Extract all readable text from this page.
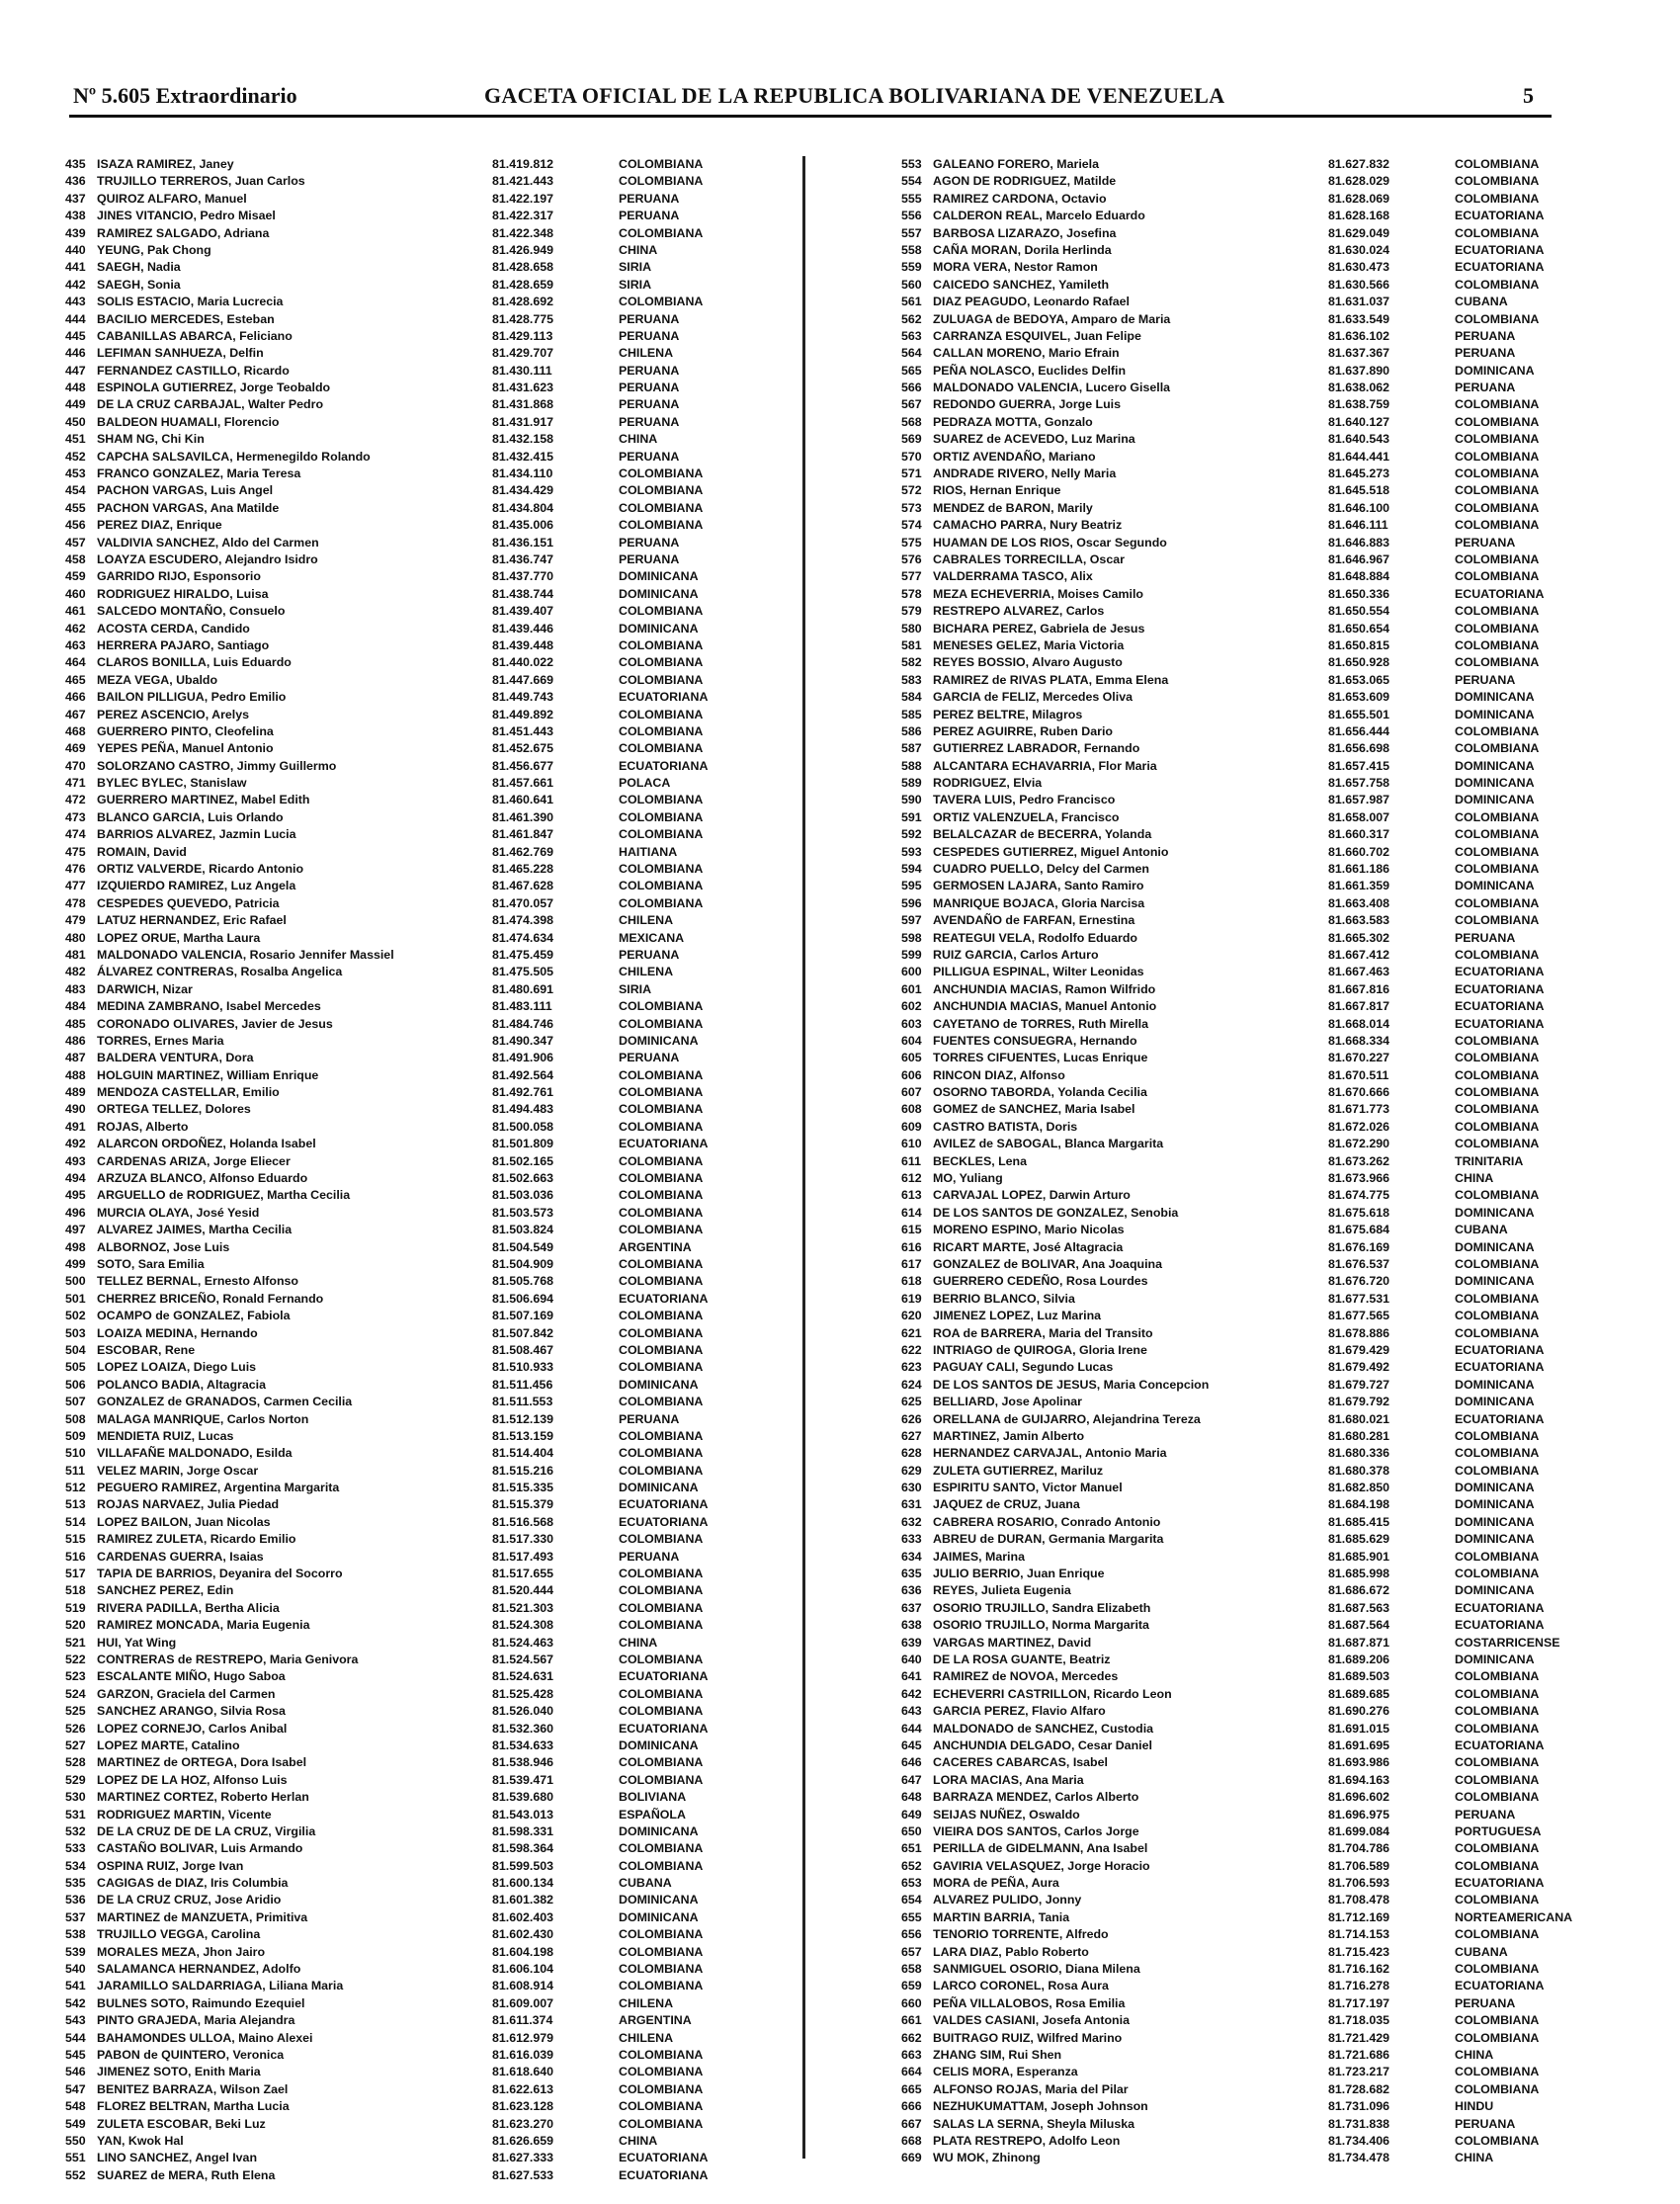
Nº 5.605 Extraordinario	GACETA OFICIAL DE LA REPUBLICA BOLIVARIANA DE VENEZUELA	5
435 ISAZA RAMIREZ, Janey	81.419.812	COLOMBIANA
436 TRUJILLO TERREROS, Juan Carlos	81.421.443	COLOMBIANA
437 QUIROZ ALFARO, Manuel	81.422.197	PERUANA
438 JINES VITANCIO, Pedro Misael	81.422.317	PERUANA
439 RAMIREZ SALGADO, Adriana	81.422.348	COLOMBIANA
440 YEUNG, Pak Chong	81.426.949	CHINA
441 SAEGH, Nadia	81.428.658	SIRIA
442 SAEGH, Sonia	81.428.659	SIRIA
443 SOLIS ESTACIO, Maria Lucrecia	81.428.692	COLOMBIANA
444 BACILIO MERCEDES, Esteban	81.428.775	PERUANA
445 CABANILLAS ABARCA, Feliciano	81.429.113	PERUANA
446 LEFIMAN SANHUEZA, Delfin	81.429.707	CHILENA
447 FERNANDEZ CASTILLO, Ricardo	81.430.111	PERUANA
448 ESPINOLA GUTIERREZ, Jorge Teobaldo	81.431.623	PERUANA
449 DE LA CRUZ CARBAJAL, Walter Pedro	81.431.868	PERUANA
450 BALDEON HUAMALI, Florencio	81.431.917	PERUANA
451 SHAM NG, Chi Kin	81.432.158	CHINA
452 CAPCHA SALSAVILCA, Hermenegildo Rolando	81.432.415	PERUANA
453 FRANCO GONZALEZ, Maria Teresa	81.434.110	COLOMBIANA
454 PACHON VARGAS, Luis Angel	81.434.429	COLOMBIANA
455 PACHON VARGAS, Ana Matilde	81.434.804	COLOMBIANA
456 PEREZ DIAZ, Enrique	81.435.006	COLOMBIANA
457 VALDIVIA SANCHEZ, Aldo del Carmen	81.436.151	PERUANA
458 LOAYZA ESCUDERO, Alejandro Isidro	81.436.747	PERUANA
459 GARRIDO RIJO, Esponsorio	81.437.770	DOMINICANA
460 RODRIGUEZ HIRALDO, Luisa	81.438.744	DOMINICANA
461 SALCEDO MONTAÑO, Consuelo	81.439.407	COLOMBIANA
462 ACOSTA CERDA, Candido	81.439.446	DOMINICANA
463 HERRERA PAJARO, Santiago	81.439.448	COLOMBIANA
464 CLAROS BONILLA, Luis Eduardo	81.440.022	COLOMBIANA
465 MEZA VEGA, Ubaldo	81.447.669	COLOMBIANA
466 BAILON PILLIGUA, Pedro Emilio	81.449.743	ECUATORIANA
467 PEREZ ASCENCIO, Arelys	81.449.892	COLOMBIANA
468 GUERRERO PINTO, Cleofelina	81.451.443	COLOMBIANA
469 YEPES PEÑA, Manuel Antonio	81.452.675	COLOMBIANA
470 SOLORZANO CASTRO, Jimmy Guillermo	81.456.677	ECUATORIANA
471 BYLEC BYLEC, Stanislaw	81.457.661	POLACA
472 GUERRERO MARTINEZ, Mabel Edith	81.460.641	COLOMBIANA
473 BLANCO GARCIA, Luis Orlando	81.461.390	COLOMBIANA
474 BARRIOS ALVAREZ, Jazmin Lucia	81.461.847	COLOMBIANA
475 ROMAIN, David	81.462.769	HAITIANA
476 ORTIZ VALVERDE, Ricardo Antonio	81.465.228	COLOMBIANA
477 IZQUIERDO RAMIREZ, Luz Angela	81.467.628	COLOMBIANA
478 CESPEDES QUEVEDO, Patricia	81.470.057	COLOMBIANA
479 LATUZ HERNANDEZ, Eric Rafael	81.474.398	CHILENA
480 LOPEZ ORUE, Martha Laura	81.474.634	MEXICANA
481 MALDONADO VALENCIA, Rosario Jennifer Massiel	81.475.459	PERUANA
482 ÁLVAREZ CONTRERAS, Rosalba Angelica	81.475.505	CHILENA
483 DARWICH, Nizar	81.480.691	SIRIA
484 MEDINA ZAMBRANO, Isabel Mercedes	81.483.111	COLOMBIANA
485 CORONADO OLIVARES, Javier de Jesus	81.484.746	COLOMBIANA
486 TORRES, Ernes Maria	81.490.347	DOMINICANA
487 BALDERA VENTURA, Dora	81.491.906	PERUANA
488 HOLGUIN MARTINEZ, William Enrique	81.492.564	COLOMBIANA
489 MENDOZA CASTELLAR, Emilio	81.492.761	COLOMBIANA
490 ORTEGA TELLEZ, Dolores	81.494.483	COLOMBIANA
491 ROJAS, Alberto	81.500.058	COLOMBIANA
492 ALARCON ORDOÑEZ, Holanda Isabel	81.501.809	ECUATORIANA
493 CARDENAS ARIZA, Jorge Eliecer	81.502.165	COLOMBIANA
494 ARZUZA BLANCO, Alfonso Eduardo	81.502.663	COLOMBIANA
495 ARGUELLO de RODRIGUEZ, Martha Cecilia	81.503.036	COLOMBIANA
496 MURCIA OLAYA, José Yesid	81.503.573	COLOMBIANA
497 ALVAREZ JAIMES, Martha Cecilia	81.503.824	COLOMBIANA
498 ALBORNOZ, Jose Luis	81.504.549	ARGENTINA
499 SOTO, Sara Emilia	81.504.909	COLOMBIANA
500 TELLEZ BERNAL, Ernesto Alfonso	81.505.768	COLOMBIANA
501 CHERREZ BRICEÑO, Ronald Fernando	81.506.694	ECUATORIANA
502 OCAMPO de GONZALEZ, Fabiola	81.507.169	COLOMBIANA
503 LOAIZA MEDINA, Hernando	81.507.842	COLOMBIANA
504 ESCOBAR, Rene	81.508.467	COLOMBIANA
505 LOPEZ LOAIZA, Diego Luis	81.510.933	COLOMBIANA
506 POLANCO BADIA, Altagracia	81.511.456	DOMINICANA
507 GONZALEZ de GRANADOS, Carmen Cecilia	81.511.553	COLOMBIANA
508 MALAGA MANRIQUE, Carlos Norton	81.512.139	PERUANA
509 MENDIETA RUIZ, Lucas	81.513.159	COLOMBIANA
510 VILLAFAÑE MALDONADO, Esilda	81.514.404	COLOMBIANA
511 VELEZ MARIN, Jorge Oscar	81.515.216	COLOMBIANA
512 PEGUERO RAMIREZ, Argentina Margarita	81.515.335	DOMINICANA
513 ROJAS NARVAEZ, Julia Piedad	81.515.379	ECUATORIANA
514 LOPEZ BAILON, Juan Nicolas	81.516.568	ECUATORIANA
515 RAMIREZ ZULETA, Ricardo Emilio	81.517.330	COLOMBIANA
516 CARDENAS GUERRA, Isaias	81.517.493	PERUANA
517 TAPIA DE BARRIOS, Deyanira del Socorro	81.517.655	COLOMBIANA
518 SANCHEZ PEREZ, Edin	81.520.444	COLOMBIANA
519 RIVERA PADILLA, Bertha Alicia	81.521.303	COLOMBIANA
520 RAMIREZ MONCADA, Maria Eugenia	81.524.308	COLOMBIANA
521 HUI, Yat Wing	81.524.463	CHINA
522 CONTRERAS de RESTREPO, Maria Genivora	81.524.567	COLOMBIANA
523 ESCALANTE MIÑO, Hugo Saboa	81.524.631	ECUATORIANA
524 GARZON, Graciela del Carmen	81.525.428	COLOMBIANA
525 SANCHEZ ARANGO, Silvia Rosa	81.526.040	COLOMBIANA
526 LOPEZ CORNEJO, Carlos Anibal	81.532.360	ECUATORIANA
527 LOPEZ MARTE, Catalino	81.534.633	DOMINICANA
528 MARTINEZ de ORTEGA, Dora Isabel	81.538.946	COLOMBIANA
529 LOPEZ DE LA HOZ, Alfonso Luis	81.539.471	COLOMBIANA
530 MARTINEZ CORTEZ, Roberto Herlan	81.539.680	BOLIVIANA
531 RODRIGUEZ MARTIN, Vicente	81.543.013	ESPAÑOLA
532 DE LA CRUZ DE DE LA CRUZ, Virgilia	81.598.331	DOMINICANA
533 CASTAÑO BOLIVAR, Luis Armando	81.598.364	COLOMBIANA
534 OSPINA RUIZ, Jorge Ivan	81.599.503	COLOMBIANA
535 CAGIGAS de DIAZ, Iris Columbia	81.600.134	CUBANA
536 DE LA CRUZ CRUZ, Jose Aridio	81.601.382	DOMINICANA
537 MARTINEZ de MANZUETA, Primitiva	81.602.403	DOMINICANA
538 TRUJILLO VEGGA, Carolina	81.602.430	COLOMBIANA
539 MORALES MEZA, Jhon Jairo	81.604.198	COLOMBIANA
540 SALAMANCA HERNANDEZ, Adolfo	81.606.104	COLOMBIANA
541 JARAMILLO SALDARRIAGA, Liliana Maria	81.608.914	COLOMBIANA
542 BULNES SOTO, Raimundo Ezequiel	81.609.007	CHILENA
543 PINTO GRAJEDA, Maria Alejandra	81.611.374	ARGENTINA
544 BAHAMONDES ULLOA, Maino Alexei	81.612.979	CHILENA
545 PABON de QUINTERO, Veronica	81.616.039	COLOMBIANA
546 JIMENEZ SOTO, Enith Maria	81.618.640	COLOMBIANA
547 BENITEZ BARRAZA, Wilson Zael	81.622.613	COLOMBIANA
548 FLOREZ BELTRAN, Martha Lucia	81.623.128	COLOMBIANA
549 ZULETA ESCOBAR, Beki Luz	81.623.270	COLOMBIANA
550 YAN, Kwok Hal	81.626.659	CHINA
551 LINO SANCHEZ, Angel Ivan	81.627.333	ECUATORIANA
552 SUAREZ de MERA, Ruth Elena	81.627.533	ECUATORIANA
553 GALEANO FORERO, Mariela	81.627.832	COLOMBIANA
554 AGON DE RODRIGUEZ, Matilde	81.628.029	COLOMBIANA
555 RAMIREZ CARDONA, Octavio	81.628.069	COLOMBIANA
556 CALDERON REAL, Marcelo Eduardo	81.628.168	ECUATORIANA
557 BARBOSA LIZARAZO, Josefina	81.629.049	COLOMBIANA
558 CAÑA MORAN, Dorila Herlinda	81.630.024	ECUATORIANA
559 MORA VERA, Nestor Ramon	81.630.473	ECUATORIANA
560 CAICEDO SANCHEZ, Yamileth	81.630.566	COLOMBIANA
561 DIAZ PEAGUDO, Leonardo Rafael	81.631.037	CUBANA
562 ZULUAGA de BEDOYA, Amparo de Maria	81.633.549	COLOMBIANA
563 CARRANZA ESQUIVEL, Juan Felipe	81.636.102	PERUANA
564 CALLAN MORENO, Mario Efrain	81.637.367	PERUANA
565 PEÑA NOLASCO, Euclides Delfin	81.637.890	DOMINICANA
566 MALDONADO VALENCIA, Lucero Gisella	81.638.062	PERUANA
567 REDONDO GUERRA, Jorge Luis	81.638.759	COLOMBIANA
568 PEDRAZA MOTTA, Gonzalo	81.640.127	COLOMBIANA
569 SUAREZ de ACEVEDO, Luz Marina	81.640.543	COLOMBIANA
570 ORTIZ AVENDAÑO, Mariano	81.644.441	COLOMBIANA
571 ANDRADE RIVERO, Nelly Maria	81.645.273	COLOMBIANA
572 RIOS, Hernan Enrique	81.645.518	COLOMBIANA
573 MENDEZ de BARON, Marily	81.646.100	COLOMBIANA
574 CAMACHO PARRA, Nury Beatriz	81.646.111	COLOMBIANA
575 HUAMAN DE LOS RIOS, Oscar Segundo	81.646.883	PERUANA
576 CABRALES TORRECILLA, Oscar	81.646.967	COLOMBIANA
577 VALDERRAMA TASCO, Alix	81.648.884	COLOMBIANA
578 MEZA ECHEVERRIA, Moises Camilo	81.650.336	ECUATORIANA
579 RESTREPO ALVAREZ, Carlos	81.650.554	COLOMBIANA
580 BICHARA PEREZ, Gabriela de Jesus	81.650.654	COLOMBIANA
581 MENESES GELEZ, Maria Victoria	81.650.815	COLOMBIANA
582 REYES BOSSIO, Alvaro Augusto	81.650.928	COLOMBIANA
583 RAMIREZ de RIVAS PLATA, Emma Elena	81.653.065	PERUANA
584 GARCIA de FELIZ, Mercedes Oliva	81.653.609	DOMINICANA
585 PEREZ BELTRE, Milagros	81.655.501	DOMINICANA
586 PEREZ AGUIRRE, Ruben Dario	81.656.444	COLOMBIANA
587 GUTIERREZ LABRADOR, Fernando	81.656.698	COLOMBIANA
588 ALCANTARA ECHAVARRIA, Flor Maria	81.657.415	DOMINICANA
589 RODRIGUEZ, Elvia	81.657.758	DOMINICANA
590 TAVERA LUIS, Pedro Francisco	81.657.987	DOMINICANA
591 ORTIZ VALENZUELA, Francisco	81.658.007	COLOMBIANA
592 BELALCAZAR de BECERRA, Yolanda	81.660.317	COLOMBIANA
593 CESPEDES GUTIERREZ, Miguel Antonio	81.660.702	COLOMBIANA
594 CUADRO PUELLO, Delcy del Carmen	81.661.186	COLOMBIANA
595 GERMOSEN LAJARA, Santo Ramiro	81.661.359	DOMINICANA
596 MANRIQUE BOJACA, Gloria Narcisa	81.663.408	COLOMBIANA
597 AVENDAÑO de FARFAN, Ernestina	81.663.583	COLOMBIANA
598 REATEGUI VELA, Rodolfo Eduardo	81.665.302	PERUANA
599 RUIZ GARCIA, Carlos Arturo	81.667.412	COLOMBIANA
600 PILLIGUA ESPINAL, Wilter Leonidas	81.667.463	ECUATORIANA
601 ANCHUNDIA MACIAS, Ramon Wilfrido	81.667.816	ECUATORIANA
602 ANCHUNDIA MACIAS, Manuel Antonio	81.667.817	ECUATORIANA
603 CAYETANO de TORRES, Ruth Mirella	81.668.014	ECUATORIANA
604 FUENTES CONSUEGRA, Hernando	81.668.334	COLOMBIANA
605 TORRES CIFUENTES, Lucas Enrique	81.670.227	COLOMBIANA
606 RINCON DIAZ, Alfonso	81.670.511	COLOMBIANA
607 OSORNO TABORDA, Yolanda Cecilia	81.670.666	COLOMBIANA
608 GOMEZ de SANCHEZ, Maria Isabel	81.671.773	COLOMBIANA
609 CASTRO BATISTA, Doris	81.672.026	COLOMBIANA
610 AVILEZ de SABOGAL, Blanca Margarita	81.672.290	COLOMBIANA
611 BECKLES, Lena	81.673.262	TRINITARIA
612 MO, Yuliang	81.673.966	CHINA
613 CARVAJAL LOPEZ, Darwin Arturo	81.674.775	COLOMBIANA
614 DE LOS SANTOS DE GONZALEZ, Senobia	81.675.618	DOMINICANA
615 MORENO ESPINO, Mario Nicolas	81.675.684	CUBANA
616 RICART MARTE, José Altagracia	81.676.169	DOMINICANA
617 GONZALEZ de BOLIVAR, Ana Joaquina	81.676.537	COLOMBIANA
618 GUERRERO CEDEÑO, Rosa Lourdes	81.676.720	DOMINICANA
619 BERRIO BLANCO, Silvia	81.677.531	COLOMBIANA
620 JIMENEZ LOPEZ, Luz Marina	81.677.565	COLOMBIANA
621 ROA de BARRERA, Maria del Transito	81.678.886	COLOMBIANA
622 INTRIAGO de QUIROGA, Gloria Irene	81.679.429	ECUATORIANA
623 PAGUAY CALI, Segundo Lucas	81.679.492	ECUATORIANA
624 DE LOS SANTOS DE JESUS, Maria Concepcion	81.679.727	DOMINICANA
625 BELLIARD, Jose Apolinar	81.679.792	DOMINICANA
626 ORELLANA de GUIJARRO, Alejandrina Tereza	81.680.021	ECUATORIANA
627 MARTINEZ, Jamin Alberto	81.680.281	COLOMBIANA
628 HERNANDEZ CARVAJAL, Antonio Maria	81.680.336	COLOMBIANA
629 ZULETA GUTIERREZ, Mariluz	81.680.378	COLOMBIANA
630 ESPIRITU SANTO, Victor Manuel	81.682.850	DOMINICANA
631 JAQUEZ de CRUZ, Juana	81.684.198	DOMINICANA
632 CABRERA ROSARIO, Conrado Antonio	81.685.415	DOMINICANA
633 ABREU de DURAN, Germania Margarita	81.685.629	DOMINICANA
634 JAIMES, Marina	81.685.901	COLOMBIANA
635 JULIO BERRIO, Juan Enrique	81.685.998	COLOMBIANA
636 REYES, Julieta Eugenia	81.686.672	DOMINICANA
637 OSORIO TRUJILLO, Sandra Elizabeth	81.687.563	ECUATORIANA
638 OSORIO TRUJILLO, Norma Margarita	81.687.564	ECUATORIANA
639 VARGAS MARTINEZ, David	81.687.871	COSTARRICENSE
640 DE LA ROSA GUANTE, Beatriz	81.689.206	DOMINICANA
641 RAMIREZ de NOVOA, Mercedes	81.689.503	COLOMBIANA
642 ECHEVERRI CASTRILLON, Ricardo Leon	81.689.685	COLOMBIANA
643 GARCIA PEREZ, Flavio Alfaro	81.690.276	COLOMBIANA
644 MALDONADO de SANCHEZ, Custodia	81.691.015	COLOMBIANA
645 ANCHUNDIA DELGADO, Cesar Daniel	81.691.695	ECUATORIANA
646 CACERES CABARCAS, Isabel	81.693.986	COLOMBIANA
647 LORA MACIAS, Ana Maria	81.694.163	COLOMBIANA
648 BARRAZA MENDEZ, Carlos Alberto	81.696.602	COLOMBIANA
649 SEIJAS NUÑEZ, Oswaldo	81.696.975	PERUANA
650 VIEIRA DOS SANTOS, Carlos Jorge	81.699.084	PORTUGUESA
651 PERILLA de GIDELMANN, Ana Isabel	81.704.786	COLOMBIANA
652 GAVIRIA VELASQUEZ, Jorge Horacio	81.706.589	COLOMBIANA
653 MORA de PEÑA, Aura	81.706.593	ECUATORIANA
654 ALVAREZ PULIDO, Jonny	81.708.478	COLOMBIANA
655 MARTIN BARRIA, Tania	81.712.169	NORTEAMERICANA
656 TENORIO TORRENTE, Alfredo	81.714.153	COLOMBIANA
657 LARA DIAZ, Pablo Roberto	81.715.423	CUBANA
658 SANMIGUEL OSORIO, Diana Milena	81.716.162	COLOMBIANA
659 LARCO CORONEL, Rosa Aura	81.716.278	ECUATORIANA
660 PEÑA VILLALOBOS, Rosa Emilia	81.717.197	PERUANA
661 VALDES CASIANI, Josefa Antonia	81.718.035	COLOMBIANA
662 BUITRAGO RUIZ, Wilfred Marino	81.721.429	COLOMBIANA
663 ZHANG SIM, Rui Shen	81.721.686	CHINA
664 CELIS MORA, Esperanza	81.723.217	COLOMBIANA
665 ALFONSO ROJAS, Maria del Pilar	81.728.682	COLOMBIANA
666 NEZHUKUMATTAM, Joseph Johnson	81.731.096	HINDU
667 SALAS LA SERNA, Sheyla Miluska	81.731.838	PERUANA
668 PLATA RESTREPO, Adolfo Leon	81.734.406	COLOMBIANA
669 WU MOK, Zhinong	81.734.478	CHINA
